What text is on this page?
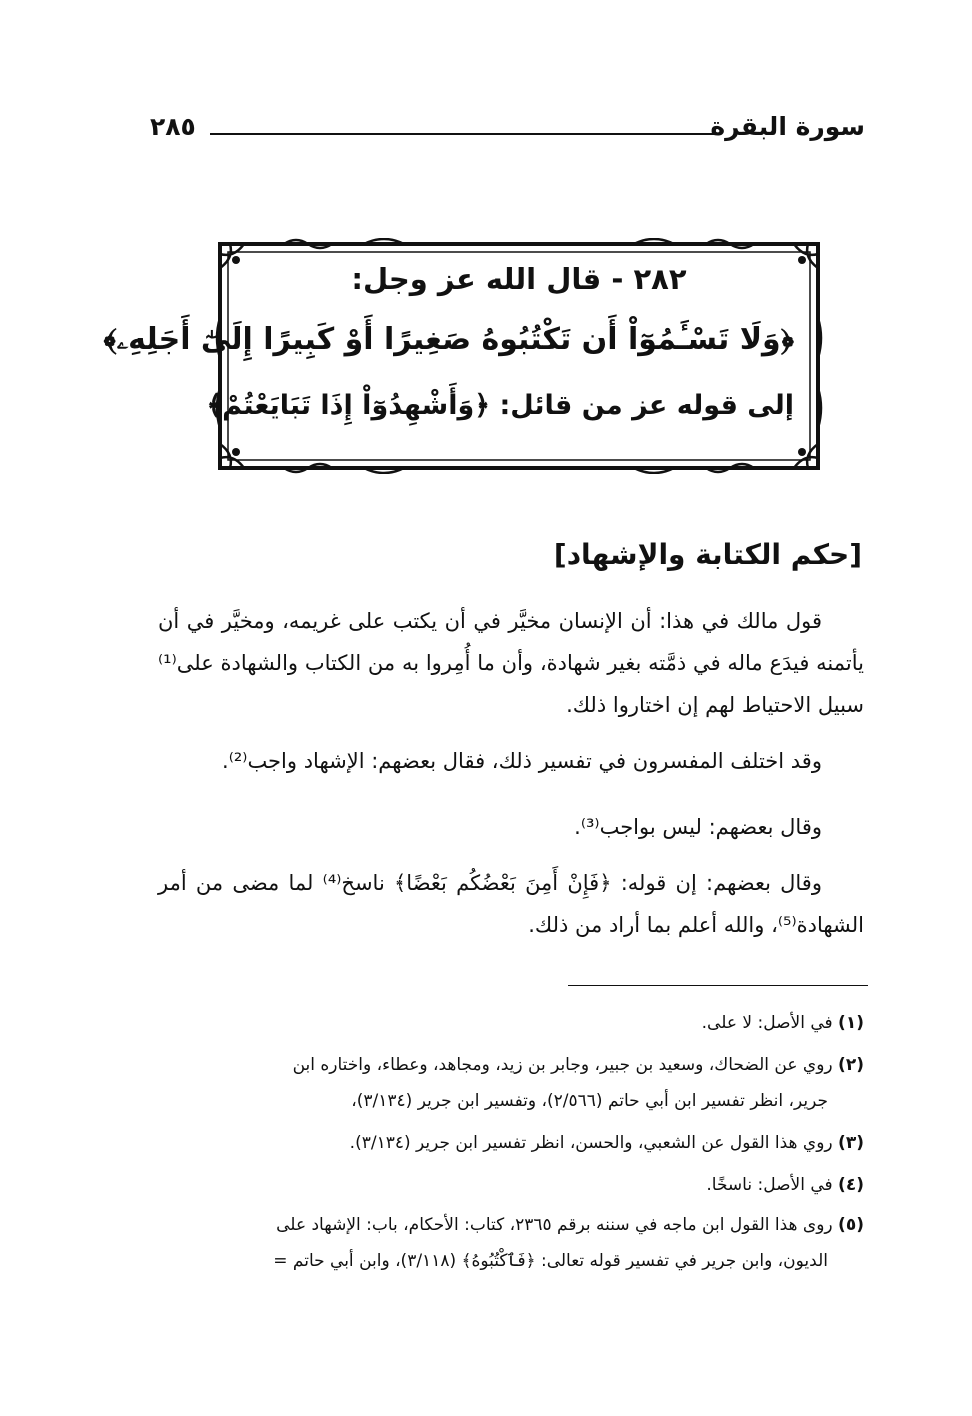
سورة البقرة
٢٨٥
٢٨٢ - قال الله عز وجل:
﴿وَلَا تَسْـَٔمُوٓاْ أَن تَكْتُبُوهُ صَغِيرًا أَوْ كَبِيرًا إِلَىٰٓ أَجَلِهِۦ﴾
إلى قوله عز من قائل: ﴿وَأَشْهِدُوٓاْ إِذَا تَبَايَعْتُمْ﴾
[حكم الكتابة والإشهاد]
قول مالك في هذا: أن الإنسان مخيَّر في أن يكتب على غريمه، ومخيَّر في أن يأتمنه فيدَع ماله في ذمَّته بغير شهادة، وأن ما أُمِروا به من الكتاب والشهادة على⁽¹⁾ سبيل الاحتياط لهم إن اختاروا ذلك.
وقد اختلف المفسرون في تفسير ذلك، فقال بعضهم: الإشهاد واجب⁽²⁾.
وقال بعضهم: ليس بواجب⁽³⁾.
وقال بعضهم: إن قوله: ﴿فَإِنْ أَمِنَ بَعْضُكُم بَعْضًا﴾ ناسخ⁽⁴⁾ لما مضى من أمر الشهادة⁽⁵⁾، والله أعلم بما أراد من ذلك.
(١) في الأصل: لا على.
(٢) روي عن الضحاك، وسعيد بن جبير، وجابر بن زيد، ومجاهد، وعطاء، واختاره ابن
جرير، انظر تفسير ابن أبي حاتم (٢/٥٦٦)، وتفسير ابن جرير (٣/١٣٤)،
(٣) روي هذا القول عن الشعبي، والحسن، انظر تفسير ابن جرير (٣/١٣٤).
(٤) في الأصل: ناسخًا.
(٥) روى هذا القول ابن ماجه في سننه برقم ٢٣٦٥، كتاب: الأحكام، باب: الإشهاد على
الديون، وابن جرير في تفسير قوله تعالى: ﴿فَٱكْتُبُوهُ﴾ (٣/١١٨)، وابن أبي حاتم =
